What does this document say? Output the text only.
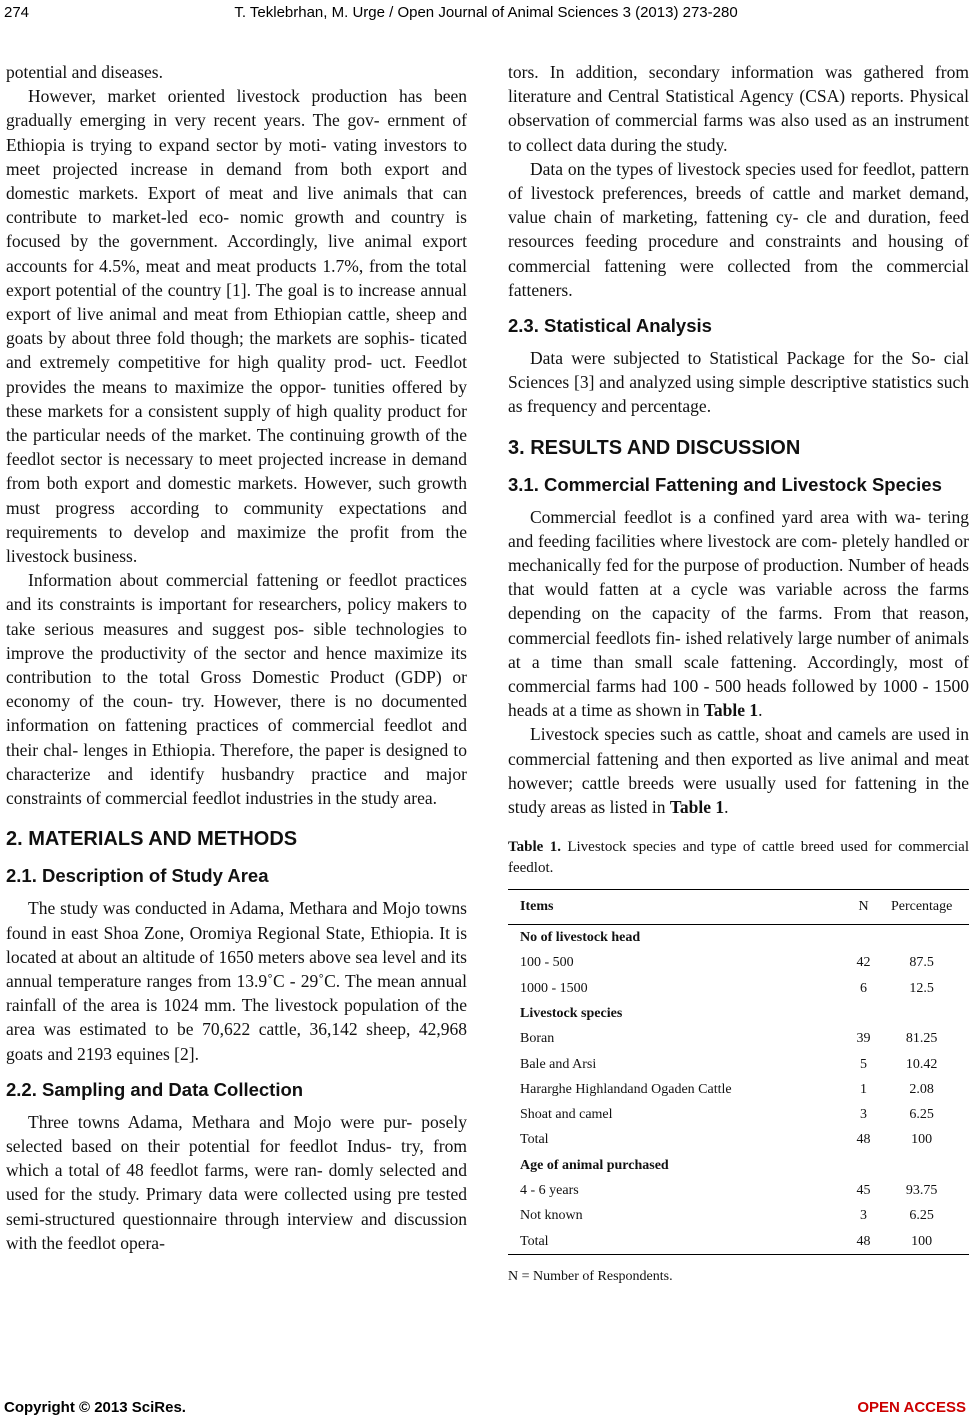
274	T. Teklebrhan, M. Urge / Open Journal of Animal Sciences 3 (2013) 273-280

potential and diseases.

However, market oriented livestock production has been gradually emerging in very recent years. The gov- ernment of Ethiopia is trying to expand sector by moti- vating investors to meet projected increase in demand from both export and domestic markets. Export of meat and live animals that can contribute to market-led eco- nomic growth and country is focused by the government. Accordingly, live animal export accounts for 4.5%, meat and meat products 1.7%, from the total export potential of the country [1]. The goal is to increase annual export of live animal and meat from Ethiopian cattle, sheep and goats by about three fold though; the markets are sophis- ticated and extremely competitive for high quality prod- uct. Feedlot provides the means to maximize the oppor- tunities offered by these markets for a consistent supply of high quality product for the particular needs of the market. The continuing growth of the feedlot sector is necessary to meet projected increase in demand from both export and domestic markets. However, such growth must progress according to community expectations and requirements to develop and maximize the profit from the livestock business.

Information about commercial fattening or feedlot practices and its constraints is important for researchers, policy makers to take serious measures and suggest pos- sible technologies to improve the productivity of the sector and hence maximize its contribution to the total Gross Domestic Product (GDP) or economy of the coun- try. However, there is no documented information on fattening practices of commercial feedlot and their chal- lenges in Ethiopia. Therefore, the paper is designed to characterize and identify husbandry practice and major constraints of commercial feedlot industries in the study area.

2. MATERIALS AND METHODS
2.1. Description of Study Area

The study was conducted in Adama, Methara and Mojo towns found in east Shoa Zone, Oromiya Regional State, Ethiopia. It is located at about an altitude of 1650 meters above sea level and its annual temperature ranges from 13.9˚C - 29˚C. The mean annual rainfall of the area is 1024 mm. The livestock population of the area was estimated to be 70,622 cattle, 36,142 sheep, 42,968 goats and 2193 equines [2].

2.2. Sampling and Data Collection

Three towns Adama, Methara and Mojo were pur- posely selected based on their potential for feedlot Indus- try, from which a total of 48 feedlot farms, were ran- domly selected and used for the study. Primary data were collected using pre tested semi-structured questionnaire through interview and discussion with the feedlot opera-

tors. In addition, secondary information was gathered from literature and Central Statistical Agency (CSA) reports. Physical observation of commercial farms was also used as an instrument to collect data during the study.

Data on the types of livestock species used for feedlot, pattern of livestock preferences, breeds of cattle and market demand, value chain of marketing, fattening cy- cle and duration, feed resources feeding procedure and constraints and housing of commercial fattening were collected from the commercial fatteners.

2.3. Statistical Analysis

Data were subjected to Statistical Package for the So- cial Sciences [3] and analyzed using simple descriptive statistics such as frequency and percentage.

3. RESULTS AND DISCUSSION
3.1. Commercial Fattening and Livestock Species

Commercial feedlot is a confined yard area with wa- tering and feeding facilities where livestock are com- pletely handled or mechanically fed for the purpose of production. Number of heads that would fatten at a cycle was variable across the farms depending on the capacity of the farms. From that reason, commercial feedlots fin- ished relatively large number of animals at a time than small scale fattening. Accordingly, most of commercial farms had 100 - 500 heads followed by 1000 - 1500 heads at a time as shown in Table 1.

Livestock species such as cattle, shoat and camels are used in commercial fattening and then exported as live animal and meat however; cattle breeds were usually used for fattening in the study areas as listed in Table 1.

Table 1. Livestock species and type of cattle breed used for commercial feedlot.
Items	N	Percentage
No of livestock head		
100 - 500	42	87.5
1000 - 1500	6	12.5
Livestock species		
Boran	39	81.25
Bale and Arsi	5	10.42
Hararghe Highlandand Ogaden Cattle	1	2.08
Shoat and camel	3	6.25
Total	48	100
Age of animal purchased		
4 - 6 years	45	93.75
Not known	3	6.25
Total	48	100
N = Number of Respondents.
Copyright © 2013 SciRes.	OPEN ACCESS
